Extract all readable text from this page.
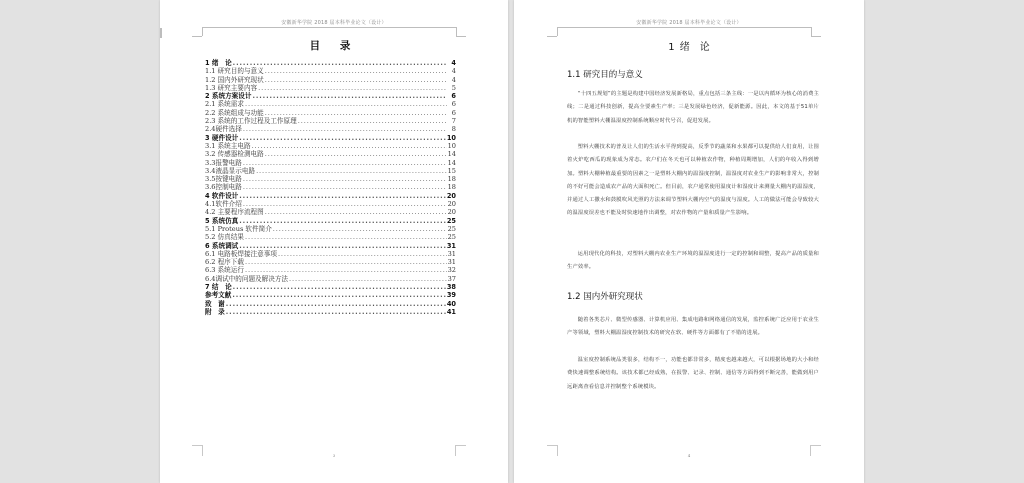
安徽新华学院 2018 届本科毕业论文（设计）
目 录
1 绪　论 .....	4
1.1 研究目的与意义 .....	4
1.2 国内外研究现状 .....	4
1.3 研究主要内容 .....	5
2 系统方案设计 .....	6
2.1 系统需求 .....	6
2.2 系统组成与功能 .....	6
2.3 系统的工作过程及工作原理 .....	7
2.4硬件选择 .....	8
3 硬件设计 .....	10
3.1 系统主电路 .....	10
3.2 传感器检测电路 .....	14
3.3报警电路 .....	14
3.4液晶显示电路 .....	15
3.5按键电路 .....	18
3.6控制电路 .....	18
4 软件设计 .....	20
4.1软件介绍 .....	20
4.2 主要程序流程图 .....	20
5 系统仿真 .....	25
5.1 Proteus 软件简介 .....	25
5.2 仿真结果 .....	25
6 系统调试 .....	31
6.1 电路板焊接注意事项 .....	31
6.2 程序下载 .....	31
6.3 系统运行 .....	32
6.4调试中的问题及解决方法 .....	37
7 结　论 .....	38
参考文献 .....	39
致　谢 .....	40
附　录 .....	41
3
安徽新华学院 2018 届本科毕业论文（设计）
1 绪　论
1.1 研究目的与意义
“十四五规划”的主题是构建中国经济发展新格局，重点包括三条主线：一是以内循环为核心的消费主线；二是通过科技创新，提高全要素生产率；三是发展绿色经济，促新能源。因此，本文的基于51单片机的智能塑料大棚温湿度控制系统顺应时代号召，促进发展。
塑料大棚技术的普及让人们的生活水平得到提高，反季节的蔬菜和水果都可以提供给人们食用，让围着火炉吃西瓜的现象成为常态。农户们在冬天也可以种植农作物，种植周期增加，人们的年收入得到增加。塑料大棚种植最重要的因素之一是塑料大棚内的温湿度控制，温湿度对农业生产的影响非常大，控制的不好可能会造成农产品的大面积死亡。但目前，农户通常使用温度计和湿度计来测量大棚内的温湿度，并通过人工撒水和鼓膜吹风光照的方法来调节塑料大棚内空气的温度与湿度。人工的做法可能会导致较大的温湿度误差也不能及时快速地作出调整，对农作物的产量和质量产生影响。
运用现代化的科技，对塑料大棚内农业生产环境的温湿度进行一定的控制和调整，提高产品的质量和生产效率。
1.2 国内外研究现状
随着各类芯片、微型传感器、计算机应用、集成电路和网络通信的发展，监控系统广泛应用于农业生产等领域，塑料大棚温湿度控制技术的研究在软、硬件等方面都有了不错的进展。
温室度控制系统品类很多，结构不一，功能也都非常多，精度也越来越大，可以根据场地的大小和经费快速调整系统结构。该技术都已经成熟，在报警、记录、控制、通信等方面得到不断完善，能做到用户远距离查看信息并控制整个系统模块。
4
